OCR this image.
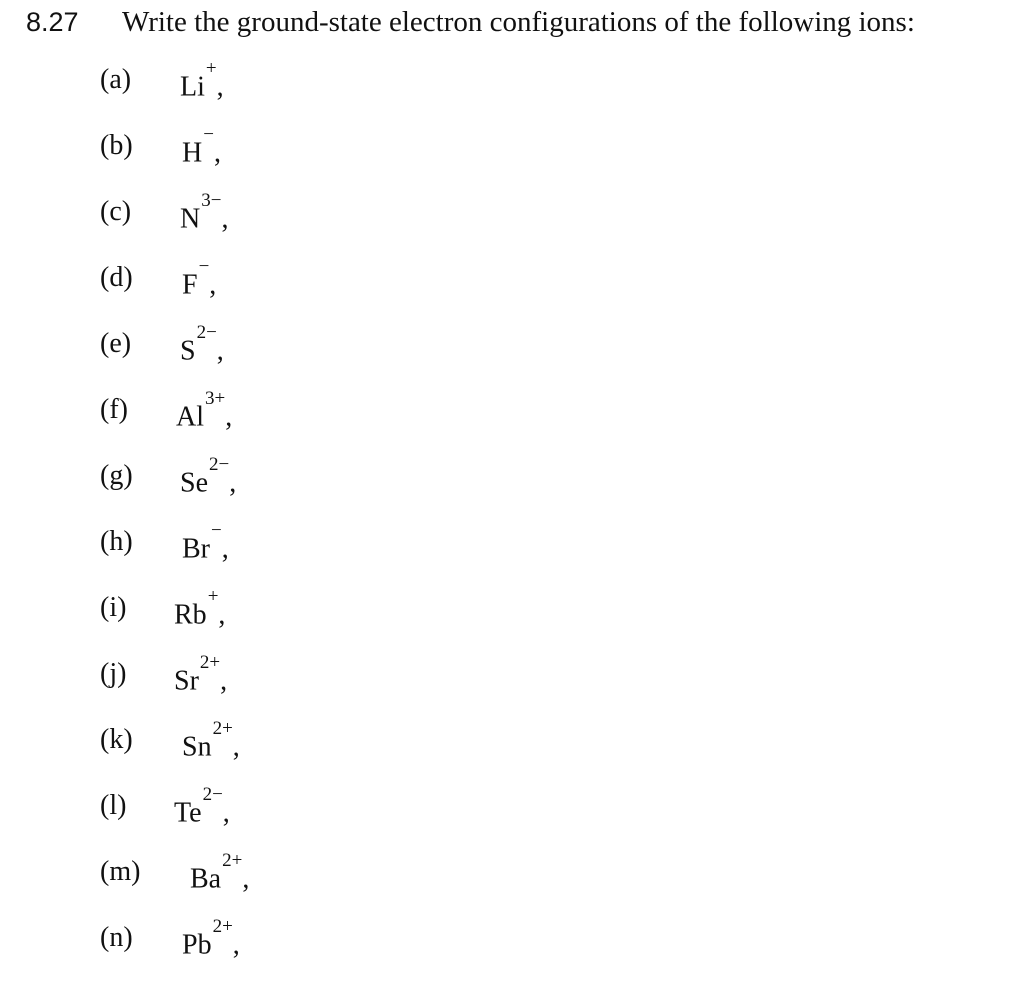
8.27 Write the ground-state electron configurations of the following ions:
(a) Li+,
(b) H−,
(c) $N^{3-}$,
(d) F−,
(e) $S^{2-}$,
(f) $Al^{3+}$,
(g) $Se^{2-}$,
(h) Br−,
(i) Rb+,
(j) $Sr^{2+}$,
(k) $Sn^{2+}$,
(l) $Te^{2-}$,
(m) $Ba^{2+}$,
(n) $Pb^{2+}$,
